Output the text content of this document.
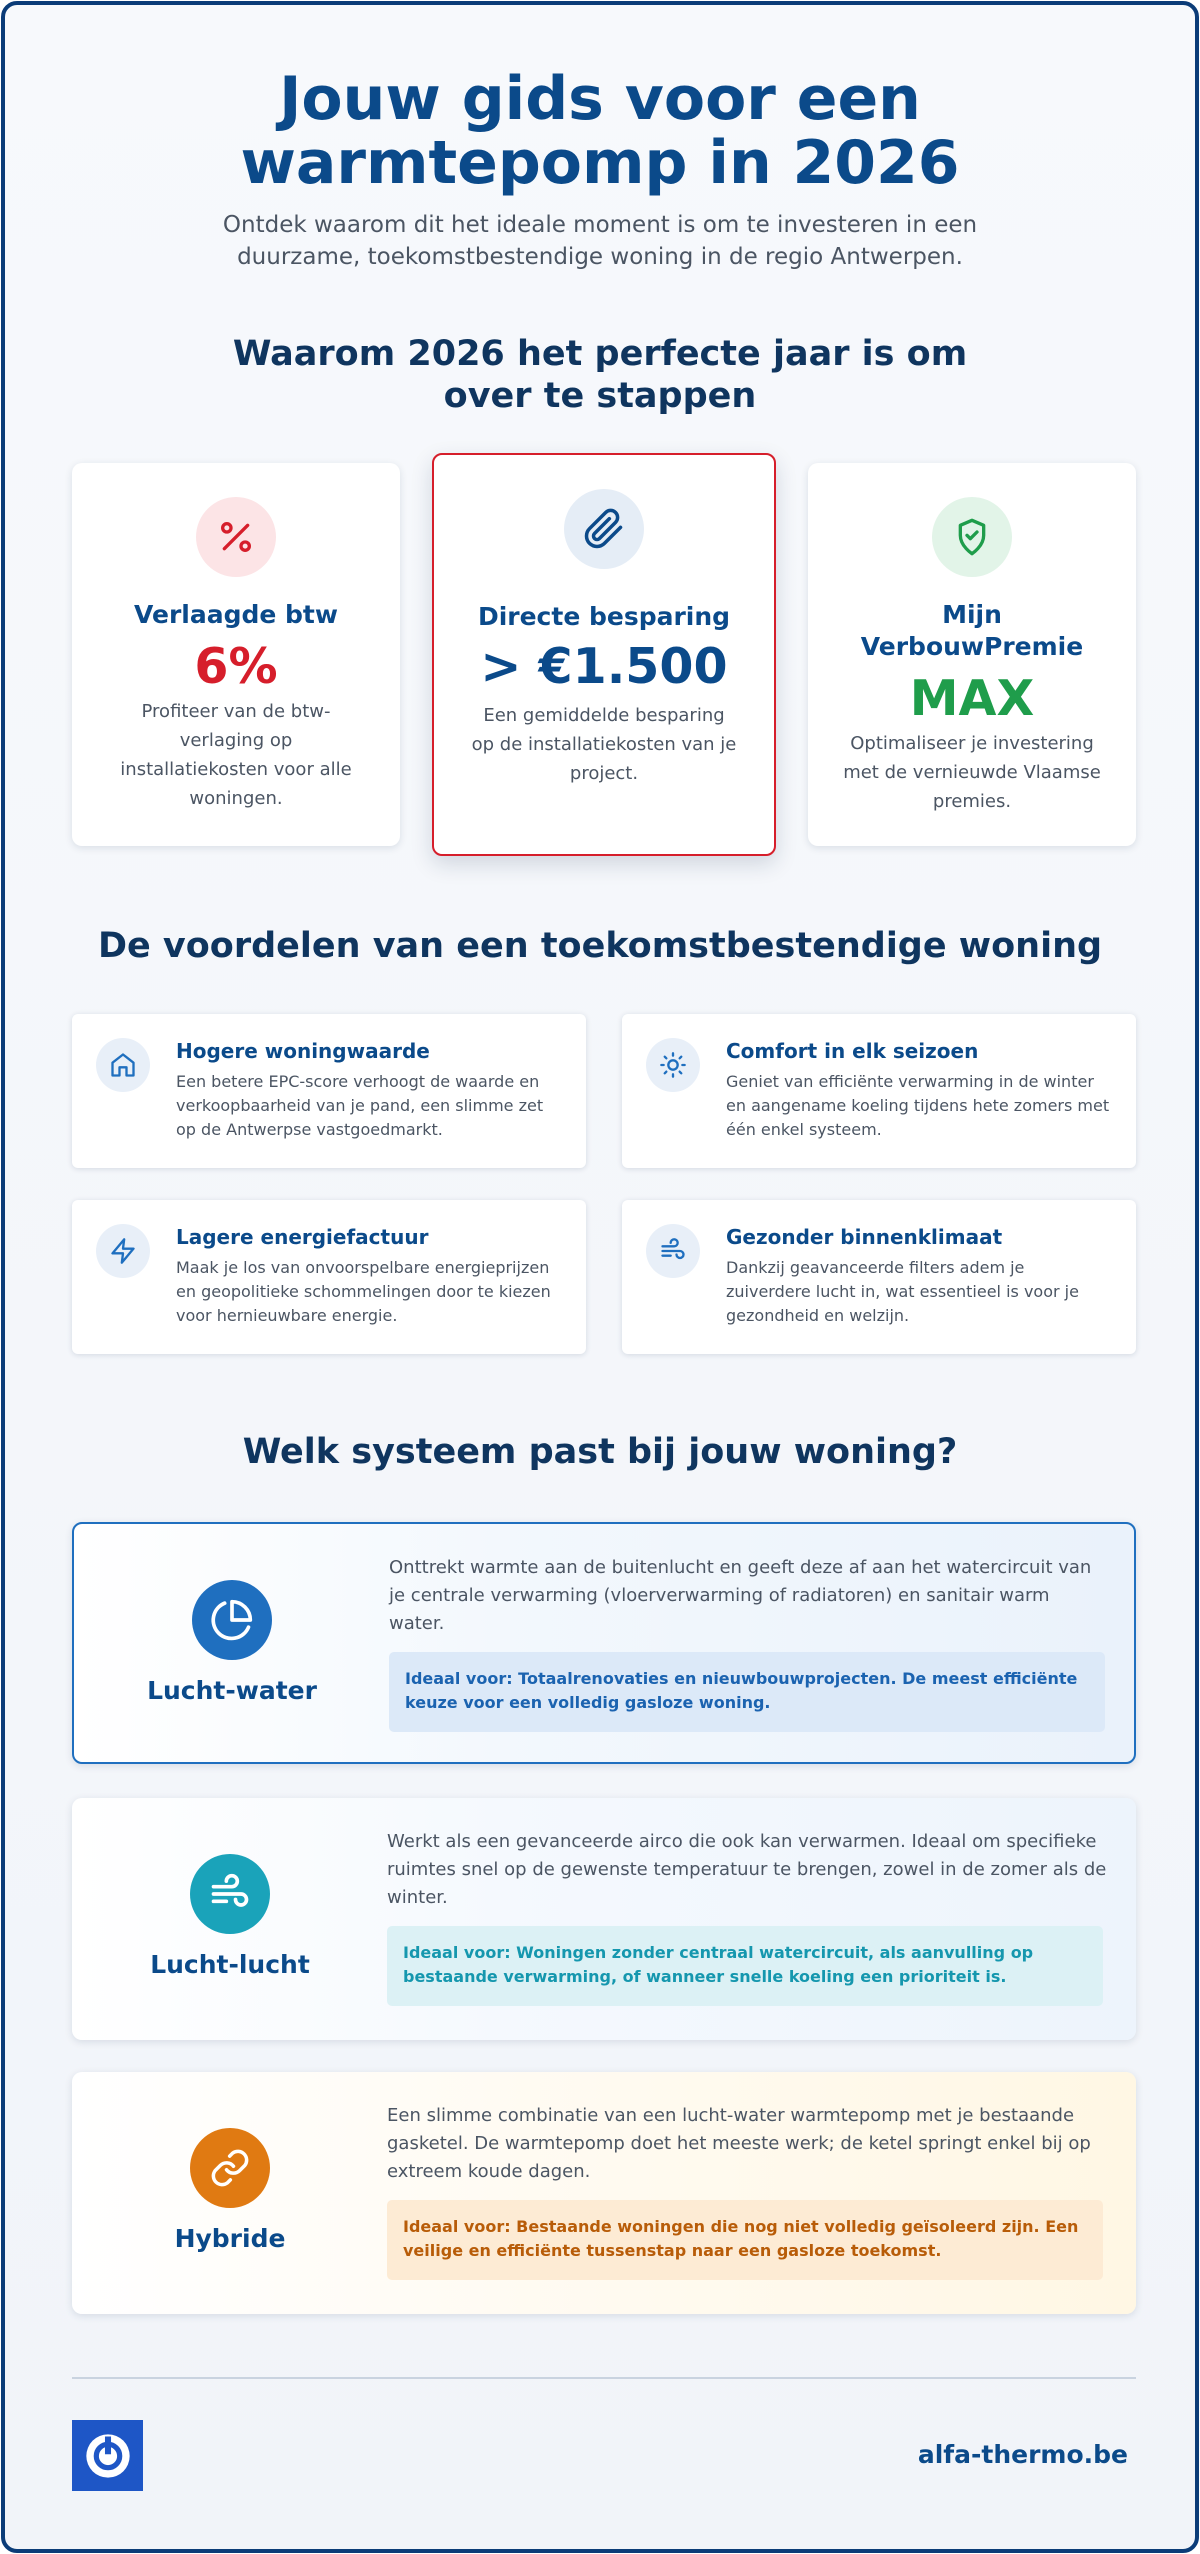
Jouw gids voor een
warmtepomp in 2026

Ontdek waarom dit het ideale moment is om te investeren in een duurzame, toekomstbestendige woning in de regio Antwerpen.

Waarom 2026 het perfecte jaar is om over te stappen
Verlaagde btw
6%
Profiteer van de btw-verlaging op installatiekosten voor alle woningen.
Directe besparing
> €1.500
Een gemiddelde besparing op de installatiekosten van je project.
Mijn VerbouwPremie
MAX
Optimaliseer je investering met de vernieuwde Vlaamse premies.
De voordelen van een toekomstbestendige woning
Hogere woningwaarde
Een betere EPC-score verhoogt de waarde en verkoopbaarheid van je pand, een slimme zet op de Antwerpse vastgoedmarkt.
Comfort in elk seizoen
Geniet van efficiënte verwarming in de winter en aangename koeling tijdens hete zomers met één enkel systeem.
Lagere energiefactuur
Maak je los van onvoorspelbare energieprijzen en geopolitieke schommelingen door te kiezen voor hernieuwbare energie.
Gezonder binnenklimaat
Dankzij geavanceerde filters adem je zuiverdere lucht in, wat essentieel is voor je gezondheid en welzijn.
Welk systeem past bij jouw woning?
Lucht-water
Onttrekt warmte aan de buitenlucht en geeft deze af aan het watercircuit van je centrale verwarming (vloerverwarming of radiatoren) en sanitair warm water.
Ideaal voor: Totaalrenovaties en nieuwbouwprojecten. De meest efficiënte keuze voor een volledig gasloze woning.
Lucht-lucht
Werkt als een gevanceerde airco die ook kan verwarmen. Ideaal om specifieke ruimtes snel op de gewenste temperatuur te brengen, zowel in de zomer als de winter.
Ideaal voor: Woningen zonder centraal watercircuit, als aanvulling op bestaande verwarming, of wanneer snelle koeling een prioriteit is.
Hybride
Een slimme combinatie van een lucht-water warmtepomp met je bestaande gasketel. De warmtepomp doet het meeste werk; de ketel springt enkel bij op extreem koude dagen.
Ideaal voor: Bestaande woningen die nog niet volledig geïsoleerd zijn. Een veilige en efficiënte tussenstap naar een gasloze toekomst.
alfa-thermo.be
